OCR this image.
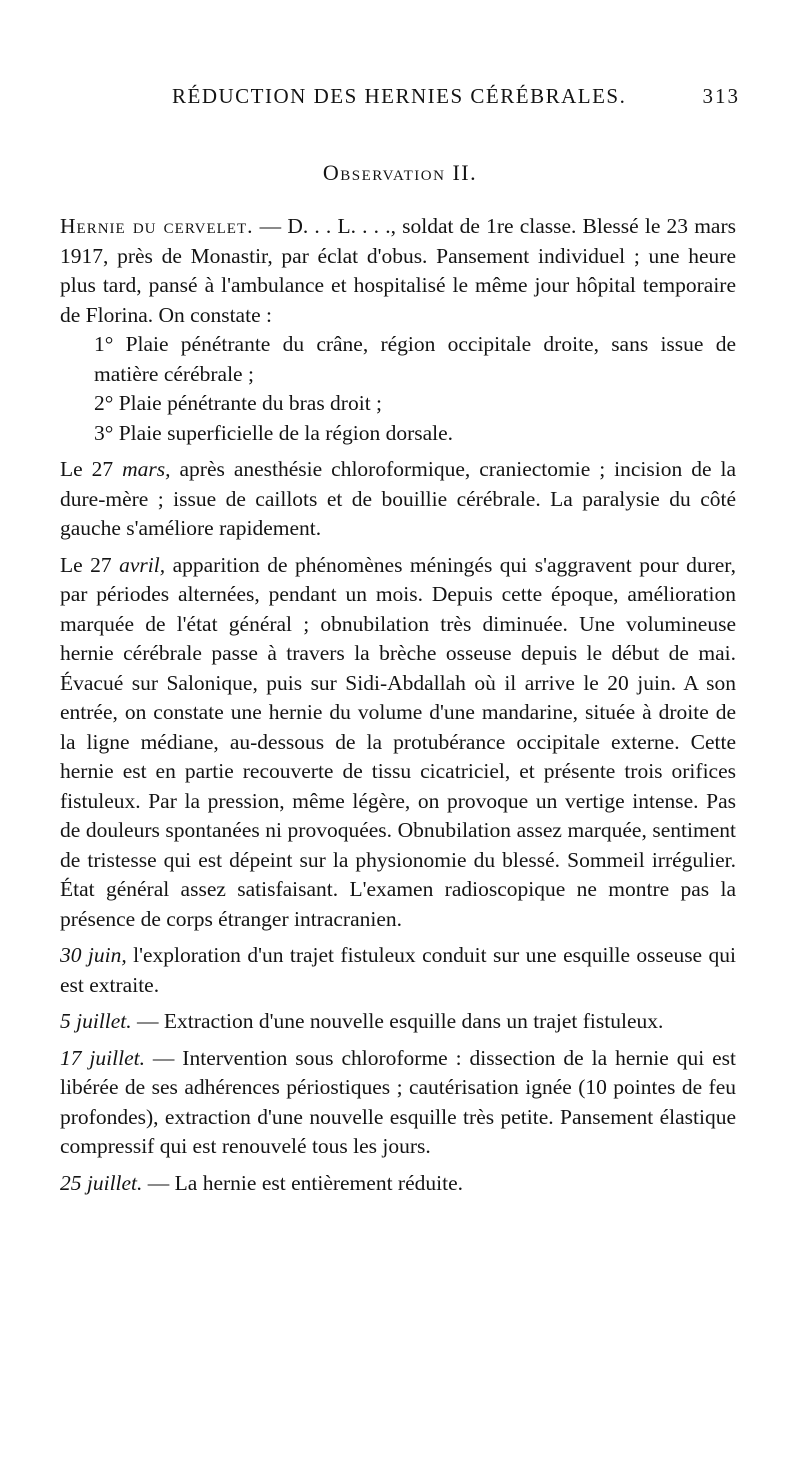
RÉDUCTION DES HERNIES CÉRÉBRALES.	313
Observation II.

Hernie du cervelet. — D. . . L. . . ., soldat de 1re classe. Blessé le 23 mars 1917, près de Monastir, par éclat d'obus. Pansement individuel ; une heure plus tard, pansé à l'ambulance et hospitalisé le même jour hôpital temporaire de Florina. On constate :

1° Plaie pénétrante du crâne, région occipitale droite, sans issue de matière cérébrale ;

2° Plaie pénétrante du bras droit ;

3° Plaie superficielle de la région dorsale.

Le 27 mars, après anesthésie chloroformique, craniectomie ; incision de la dure-mère ; issue de caillots et de bouillie cérébrale. La paralysie du côté gauche s'améliore rapidement.

Le 27 avril, apparition de phénomènes méningés qui s'aggravent pour durer, par périodes alternées, pendant un mois. Depuis cette époque, amélioration marquée de l'état général ; obnubilation très diminuée. Une volumineuse hernie cérébrale passe à travers la brèche osseuse depuis le début de mai. Évacué sur Salonique, puis sur Sidi-Abdallah où il arrive le 20 juin. A son entrée, on constate une hernie du volume d'une mandarine, située à droite de la ligne médiane, au-dessous de la protubérance occipitale externe. Cette hernie est en partie recouverte de tissu cicatriciel, et présente trois orifices fistuleux. Par la pression, même légère, on provoque un vertige intense. Pas de douleurs spontanées ni provoquées. Obnubilation assez marquée, sentiment de tristesse qui est dépeint sur la physionomie du blessé. Sommeil irrégulier. État général assez satisfaisant. L'examen radioscopique ne montre pas la présence de corps étranger intracranien.

30 juin, l'exploration d'un trajet fistuleux conduit sur une esquille osseuse qui est extraite.

5 juillet. — Extraction d'une nouvelle esquille dans un trajet fistuleux.

17 juillet. — Intervention sous chloroforme : dissection de la hernie qui est libérée de ses adhérences périostiques ; cautérisation ignée (10 pointes de feu profondes), extraction d'une nouvelle esquille très petite. Pansement élastique compressif qui est renouvelé tous les jours.

25 juillet. — La hernie est entièrement réduite.
